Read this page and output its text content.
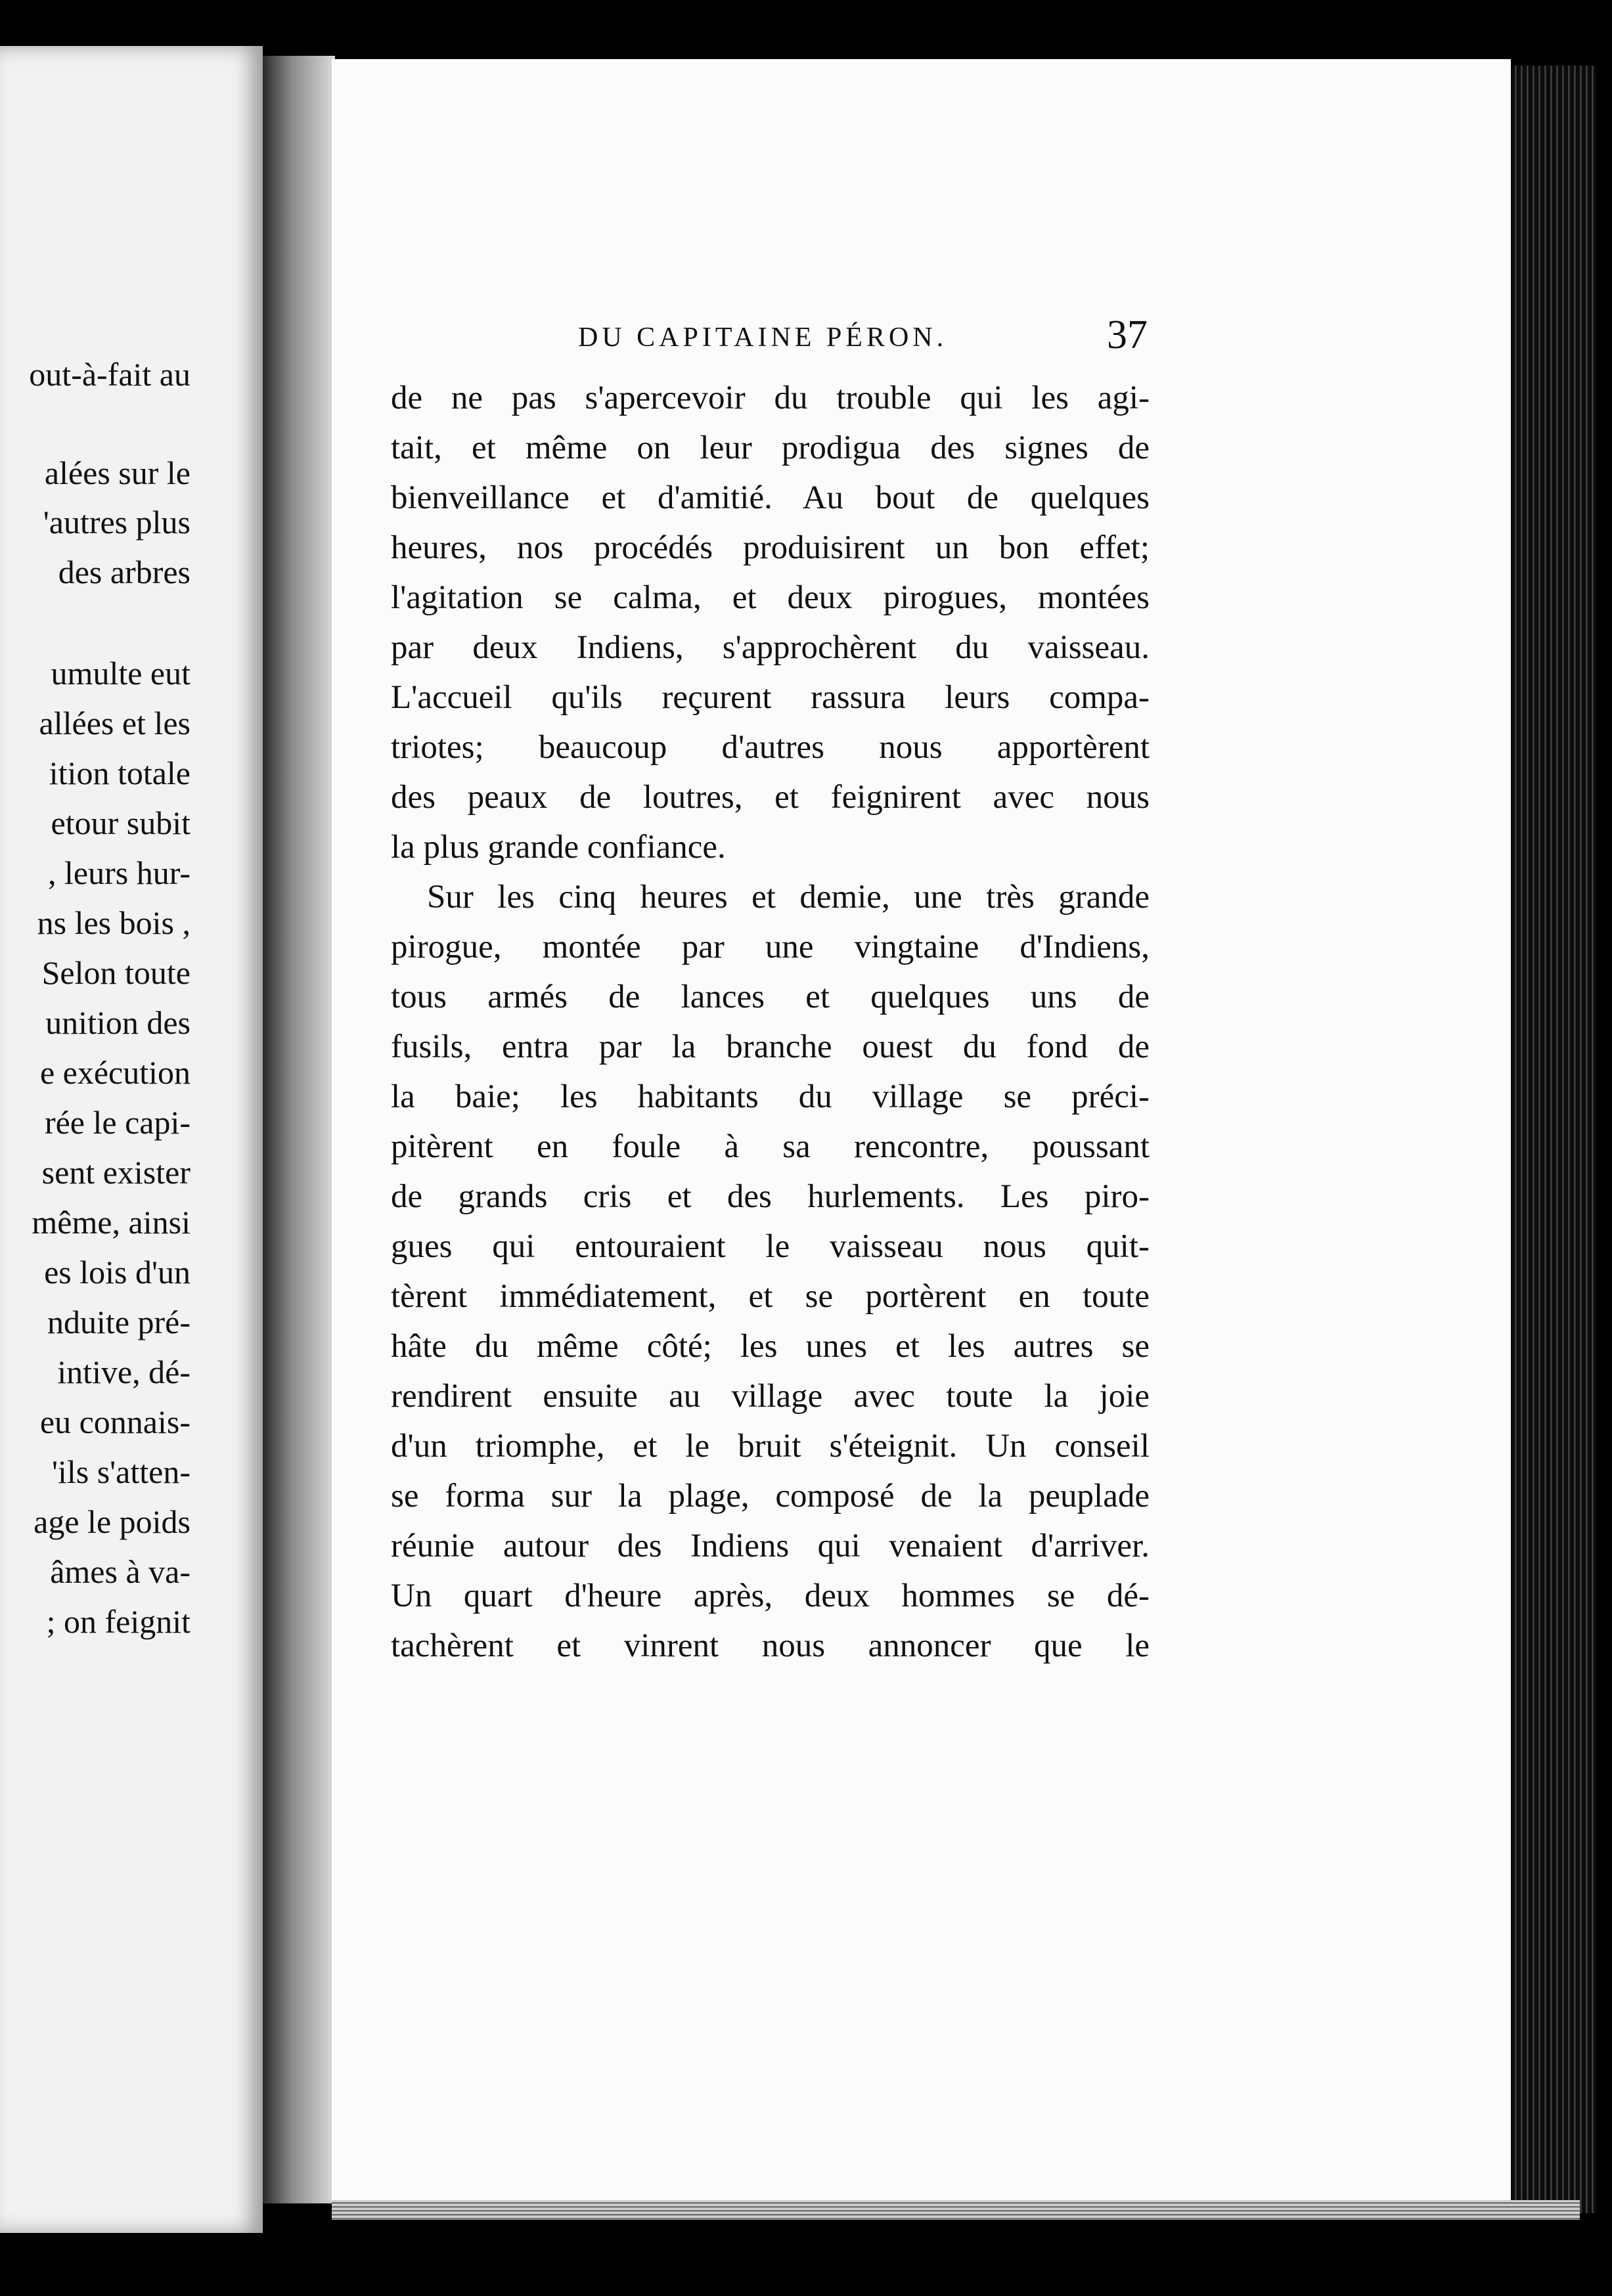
out-à-fait au
alées sur le
'autres plus
des arbres
umulte eut
allées et les
ition totale
etour subit
, leurs hur-
ns les bois ,
Selon toute
unition des
e exécution
rée le capi-
sent exister
même, ainsi
es lois d'un
nduite pré-
intive, dé-
eu connais-
'ils s'atten-
age le poids
âmes à va-
; on feignit
DU CAPITAINE PÉRON.	37
de ne pas s'apercevoir du trouble qui les agi-
tait, et même on leur prodigua des signes de
bienveillance et d'amitié. Au bout de quelques
heures, nos procédés produisirent un bon effet;
l'agitation se calma, et deux pirogues, montées
par deux Indiens, s'approchèrent du vaisseau.
L'accueil qu'ils reçurent rassura leurs compa-
triotes; beaucoup d'autres nous apportèrent
des peaux de loutres, et feignirent avec nous
la plus grande confiance.
Sur les cinq heures et demie, une très grande
pirogue, montée par une vingtaine d'Indiens,
tous armés de lances et quelques uns de
fusils, entra par la branche ouest du fond de
la baie; les habitants du village se préci-
pitèrent en foule à sa rencontre, poussant
de grands cris et des hurlements. Les piro-
gues qui entouraient le vaisseau nous quit-
tèrent immédiatement, et se portèrent en toute
hâte du même côté; les unes et les autres se
rendirent ensuite au village avec toute la joie
d'un triomphe, et le bruit s'éteignit. Un conseil
se forma sur la plage, composé de la peuplade
réunie autour des Indiens qui venaient d'arriver.
Un quart d'heure après, deux hommes se dé-
tachèrent et vinrent nous annoncer que le
